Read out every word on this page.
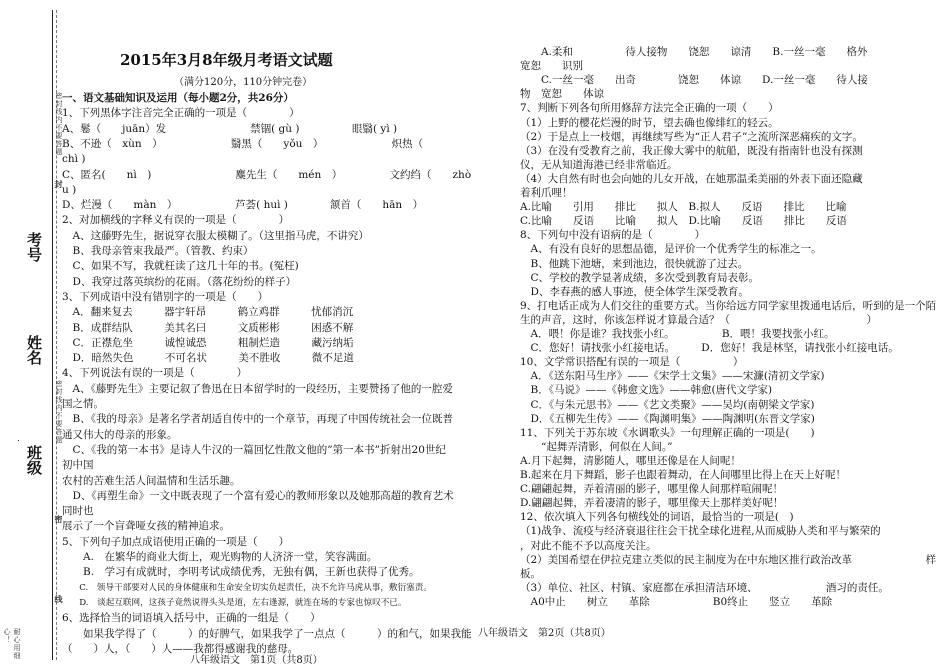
班级
姓名
考号
密封线内不要答题
密封线内不要答题
封
密
线
耐心用细心！
2015年3月8年级月考语文试题
（满分120分，110分钟完卷）
一、语文基础知识及运用（每小题2分，共26分）
1、下列黑体字注音完全正确的一项是（　　　　）
A、鬈（　　juān）发　　　　　　　　禁锢( gù )　　　　　眼翳( yì )
B、不逊（　xùn　）　　　　　　　翳黑（　　yǒu　）　　　　　　　炽热（
chì )
C、匿名(　　nì　)　　　　　　　　麋先生（　　mén　）　　　　　文约绉（　　zhò
u )
D、烂漫（　　màn　）　　　　　　芦荟( huì )　　　　颔首（　　hān　）
2、对加横线的字释义有误的一项是（　　　　）
　A、这藤野先生，据说穿衣服太模糊了。（这里指马虎，不讲究）
　B、我母亲管束我最严。（管教、约束）
　C、如果不写，我就枉读了这几十年的书。(冤枉)
　D、我穿过落英缤纷的花雨。（落花纷纷的样子）
3、下列成语中没有错别字的一项是（　　）
　A．翻来复去　　　器宇轩昂　　　鹤立鸡群　　　忧郁消沉
　B．成群结队　　　美其名曰　　　文质彬彬　　　困惑不解
　C．正襟危坐　　　诚惶诚恐　　　粗制烂造　　　藏污纳垢
　D．暗然失色　　　不可名状　　　美不胜收　　　微不足道
4、下列说法有误的一项是（　　　　）
　A、《藤野先生》主要记叙了鲁迅在日本留学时的一段经历，主要赞扬了他的一腔爱
国之情。
　B、《我的母亲》是著名学者胡适自传中的一个章节，再现了中国传统社会一位既普
通又伟大的母亲的形象。
　C、《我的第一本书》是诗人牛汉的一篇回忆性散文他的”第一本书”折射出20世纪
初中国
农村的苦难生活人间温情和生活乐趣。
　D、《再塑生命》一文中既表现了一个富有爱心的教师形象以及她那高超的教育艺术
同时也
展示了一个盲聋哑女孩的精神追求。
5、下列句子加点成语使用正确的一项是（　　）
　　A.　在繁华的商业大街上，观光购物的人济济一堂，笑容满面。
　　B.　学习有成就时，李明考试成绩优秀，无独有偶，王新也获得了优秀。
　　C.　领导干部要对人民的身体健康和生命安全切实负起责任，决不允许马虎从事，敷衍塞责。
　　D.　谈起互联网，这孩子竟然说得头头是道，左右逢源，就连在场的专家也惊叹不已。
6、选择恰当的词语填入括号中，正确的一组是（　　）
　　如果我学得了（　　　）的好脾气，如果我学了一点点（　　　）的和气，如果我能
（　　）人，（　　）人——我都得感谢我的慈母。
八年级语文　第1页（共8页）
　　A.柔和　　　　　待人接物　　饶恕　　谅清　　B.一丝一毫　　格外
宽恕　　识别
　　C.一丝一毫　　出奇　　　　饶恕　　体谅　　D.一丝一毫　　待人接
物　宽恕　　体谅
7、判断下列各句所用修辞方法完全正确的一项（　　）
（1）上野的樱花烂漫的时节，望去确也像绯红的轻云。
（2）于是点上一枝烟，再继续写些为“正人君子”之流所深恶痛疾的文字。
（3）在没有受教育之前，我正像大雾中的航船，既没有指南针也没有探测
仪，无从知道海港已经非常临近。
（4）大自然有时也会向她的儿女开战，在她那温柔美丽的外表下面还隐藏
着利爪哩！
A.比喻　　引用　　排比　　拟人　B.拟人　　反语　　排比　　比喻
C.比喻　　反语　　比喻　　拟人　D.比喻　　反语　　排比　　反语
8、下列句中没有语病的是（　　　　）
　A、有没有良好的思想品德，是评价一个优秀学生的标准之一。
　B、他跳下池塘，来到池边，很快就游了过去。
　C、学校的教学显著成绩，多次受到教育局表彰。
　D、李春燕的感人事迹，使全体学生深受教育。
9、打电话正成为人们交往的重要方式。当你给远方同学家里拨通电话后，听到的是一个陌
生的声音，这时，你该怎样说才算最合适？（　　　　　　　　　　　　　）
　A．喂！你是谁？我找张小红。　　　　　B．喂！我要找张小红。
　C．您好！请找张小红接电话。　　　D．您好！我是林坚，请找张小红接电话。
10、文学常识搭配有误的一项是（　　　　　）
　A．《送东阳马生序》——《宋学士文集》——宋濂(清初文学家)
　B．《马说》——《韩愈文选》——韩愈(唐代文学家)
　C．《与朱元思书》——《艺文类聚》——吴均(南朝梁文学家)
　D．《五柳先生传》——《陶渊明集》——陶渊明(东晋文学家)
11、下列关于苏东坡《水调歌头》一句理解正确的一项是(　　)
　　“起舞弄清影，何似在人间。”
A.月下起舞，清影随人，哪里还像是在人间呢！
B.起来在月下舞蹈，影子也跟着舞动，在人间哪里比得上在天上好呢！
C.翩翩起舞，弄着清丽的影子，哪里像人间那样喧闹呢！
D.翩翩起舞，弄着凄清的影子，哪里像天上那样美好呢！
12、依次填入下列各句横线处的词语，最恰当的一项是(　)
（1)战争、流疫与经济衰退往往会干扰全球化进程,从而威胁人类和平与繁荣的
，对此不能不予以高度关注。
（2）美国希望在伊拉克建立类似的民主制度为在中东地区推行政治改革　　　　　　　样
板。
（3）单位、社区、村镇、家庭都在承担清洁环境、　　　　　　　酒习的责任。
　A0中止　　树立　　革除　　　　　　B0终止　　竖立　　革除
八年级语文　第2页（共8页）
